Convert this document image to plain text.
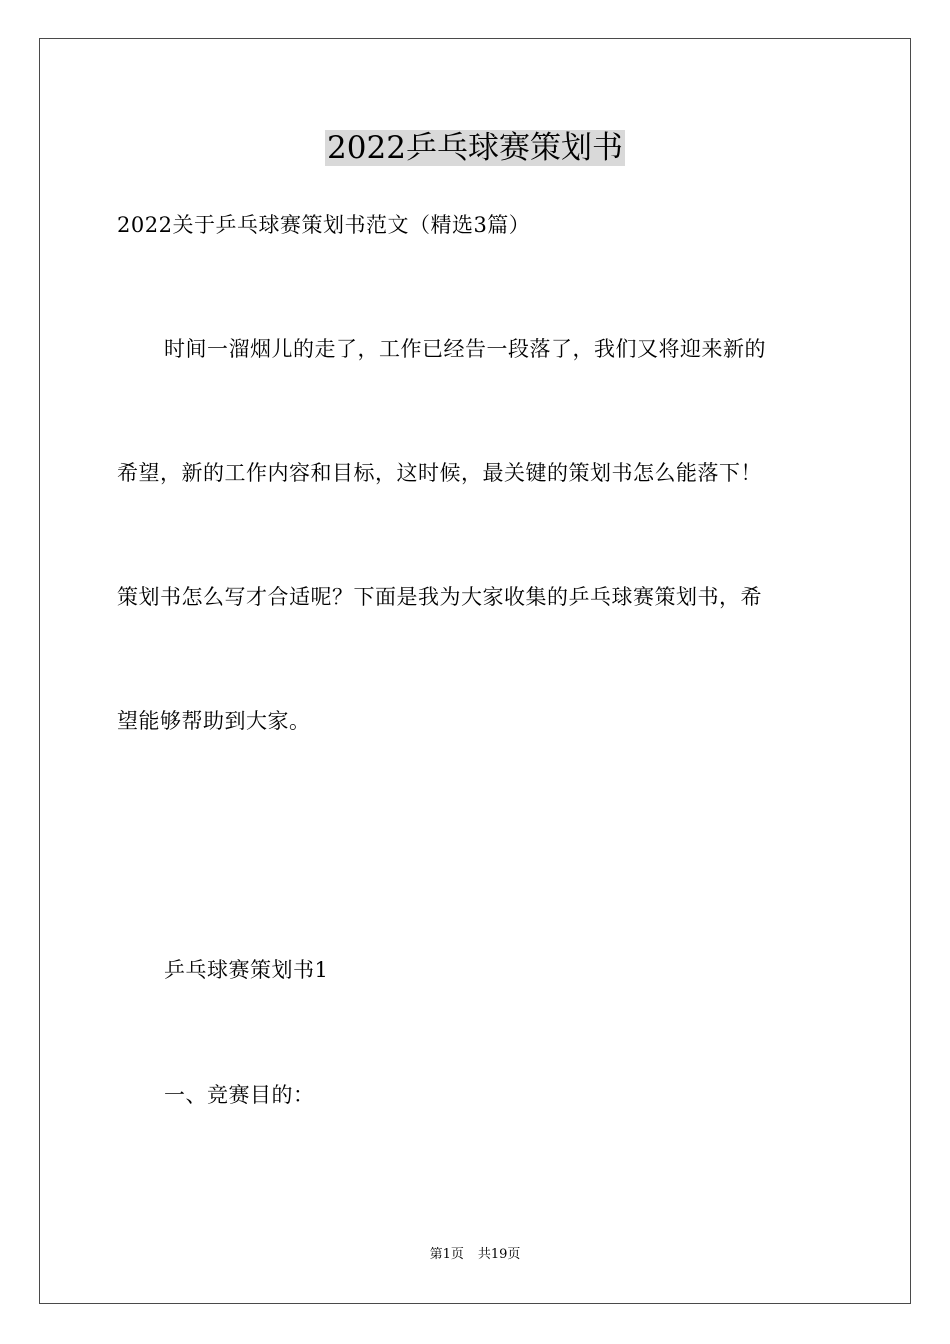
2022乒乓球赛策划书
2022关于乒乓球赛策划书范文（精选3篇）
时间一溜烟儿的走了，工作已经告一段落了，我们又将迎来新的
希望，新的工作内容和目标，这时候，最关键的策划书怎么能落下！
策划书怎么写才合适呢？下面是我为大家收集的乒乓球赛策划书，希
望能够帮助到大家。
乒乓球赛策划书1
一、竞赛目的：
第1页 共19页
